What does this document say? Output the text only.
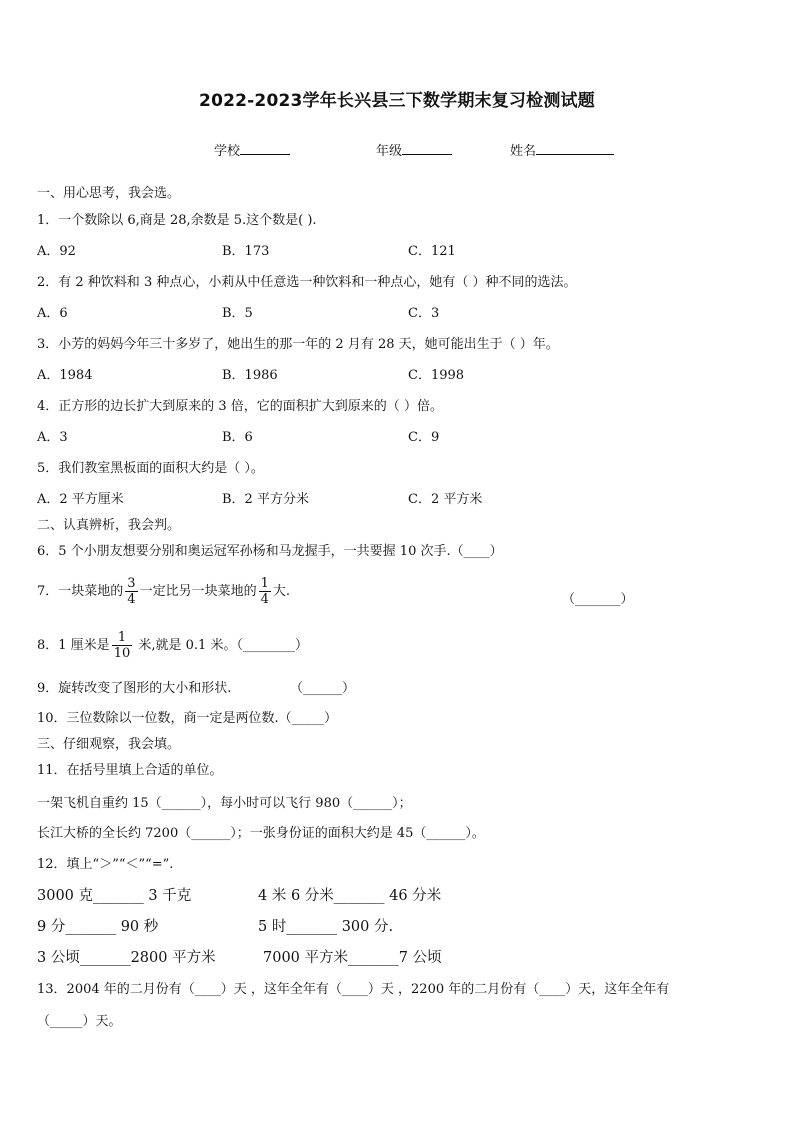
2022-2023学年长兴县三下数学期末复习检测试题
学校	年级	姓名
一、用心思考，我会选。
1．一个数除以 6,商是 28,余数是 5.这个数是( ).
A．92	B．173	C．121
2．有 2 种饮料和 3 种点心，小莉从中任意选一种饮料和一种点心，她有（ ）种不同的选法。
A．6	B．5	C．3
3．小芳的妈妈今年三十多岁了，她出生的那一年的 2 月有 28 天，她可能出生于（ ）年。
A．1984	B．1986	C．1998
4．正方形的边长扩大到原来的 3 倍，它的面积扩大到原来的（ ）倍。
A．3	B．6	C．9
5．我们教室黑板面的面积大约是（ ）。
A．2 平方厘米	B．2 平方分米	C．2 平方米
二、认真辨析，我会判。
6．5 个小朋友想要分别和奥运冠军孙杨和马龙握手，一共要握 10 次手.（____）
7．一块菜地的 $\frac{3}{4}$ 一定比另一块菜地的 $\frac{1}{4}$ 大.
（_______）
8．1 厘米是 $\frac{1}{10}$ 米,就是 0.1 米。（________）
9．旋转改变了图形的大小和形状.	（______）
10．三位数除以一位数，商一定是两位数.（_____）
三、仔细观察，我会填。
11．在括号里填上合适的单位。
一架飞机自重约 15（______），每小时可以飞行 980（______）；
长江大桥的全长约 7200（______）；一张身份证的面积大约是 45（______）。
12．填上“＞”“＜”“=”.
3000 克_______ 3 千克	4 米 6 分米_______ 46 分米
9 分_______ 90 秒	5 时_______ 300 分.
3 公顷_______2800 平方米	7000 平方米_______7 公顷
13．2004 年的二月份有（____）天 ，这年全年有（____）天 ，2200 年的二月份有（____）天，这年全年有
（_____）天。
